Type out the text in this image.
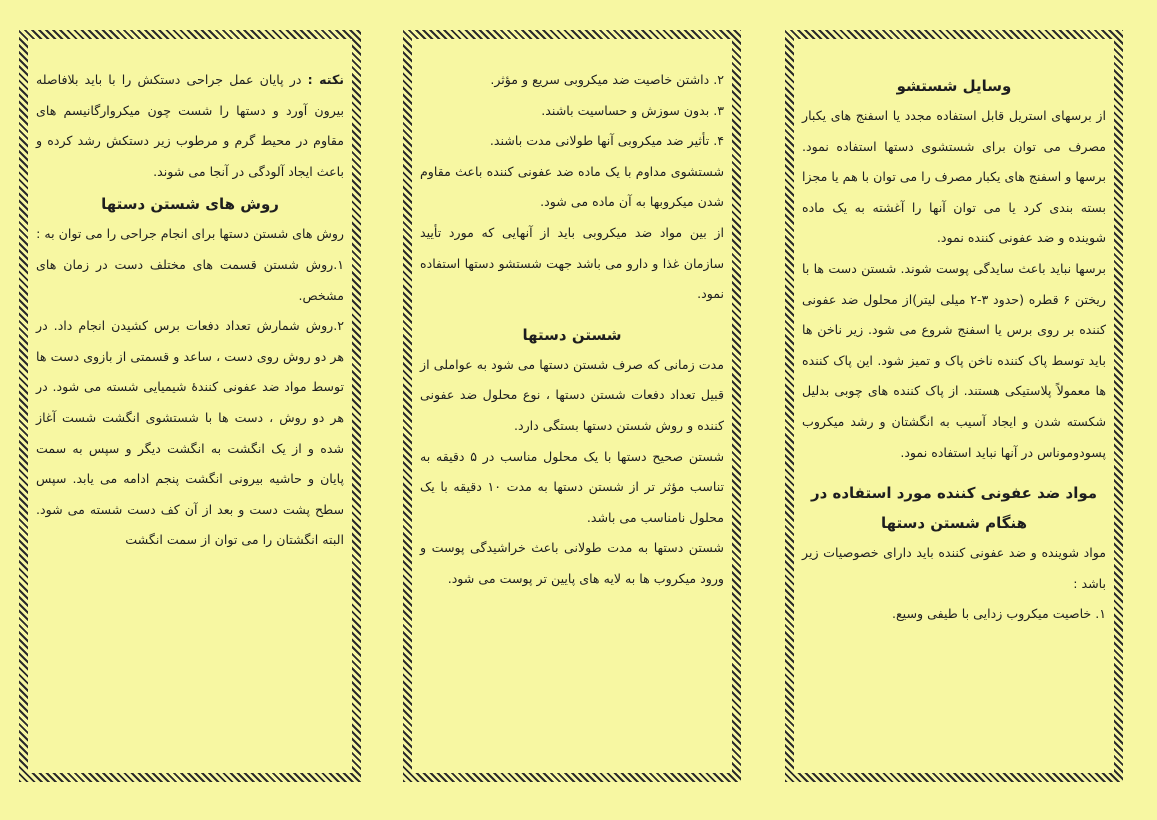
وسایل شستشو

از برسهای استریل قابل استفاده مجدد یا اسفنج های یکبار مصرف می توان برای شستشوی دستها استفاده نمود. برسها و اسفنج های یکبار مصرف را می توان با هم یا مجزا بسته بندی کرد یا می توان آنها را آغشته به یک ماده شوینده و ضد عفونی کننده نمود.

برسها نباید باعث سایدگی پوست شوند. شستن دست ها با ریختن ۶ قطره (حدود ۳-۲ میلی لیتر)از محلول ضد عفونی کننده بر روی برس یا اسفنج شروع می شود. زیر ناخن ها باید توسط پاک کننده ناخن پاک و تمیز شود. این پاک کننده ها معمولاً پلاستیکی هستند. از پاک کننده های چوبی بدلیل شکسته شدن و ایجاد آسیب به انگشتان و رشد میکروب پسودوموناس در آنها نباید استفاده نمود.

مواد ضد عفونی کننده مورد استفاده در هنگام شستن دستها

مواد شوینده و ضد عفونی کننده باید دارای خصوصیات زیر باشد :

۱. خاصیت میکروب زدایی با طیفی وسیع.

۲. داشتن خاصیت ضد میکروبی سریع و مؤثر.

۳. بدون سوزش و حساسیت باشند.

۴. تأثیر ضد میکروبی آنها طولانی مدت باشند.

شستشوی مداوم با یک ماده ضد عفونی کننده باعث مقاوم شدن میکروبها به آن ماده می شود.

از بین مواد ضد میکروبی باید از آنهایی که مورد تأیید سازمان غذا و دارو می باشد جهت شستشو دستها استفاده نمود.

شستن دستها

مدت زمانی که صرف شستن دستها می شود به عواملی از قبیل تعداد دفعات شستن دستها ، نوع محلول ضد عفونی کننده و روش شستن دستها بستگی دارد.

شستن صحیح دستها با یک محلول مناسب در ۵ دقیقه به تناسب مؤثر تر از شستن دستها به مدت ۱۰ دقیقه با یک محلول نامناسب می باشد.

شستن دستها به مدت طولانی باعث خراشیدگی پوست و ورود میکروب ها به لایه های پایین تر پوست می شود.

نکته : در پایان عمل جراحی دستکش را با باید بلافاصله بیرون آورد و دستها را شست چون میکروارگانیسم های مقاوم در محیط گرم و مرطوب زیر دستکش رشد کرده و باعث ایجاد آلودگی در آنجا می شوند.

روش های شستن دستها

روش های شستن دستها برای انجام جراحی را می توان به :

۱.روش شستن قسمت های مختلف دست در زمان های مشخص.

۲.روش شمارش تعداد دفعات برس کشیدن انجام داد. در هر دو روش روی دست ، ساعد و قسمتی از بازوی دست ها توسط مواد ضد عفونی کنندهٔ شیمیایی شسته می شود. در هر دو روش ، دست ها با شستشوی انگشت شست آغاز شده و از یک انگشت به انگشت دیگر و سپس به سمت پایان و حاشیه بیرونی انگشت پنجم ادامه می یابد. سپس سطح پشت دست و بعد از آن کف دست شسته می شود. البته انگشتان را می توان از سمت انگشت
